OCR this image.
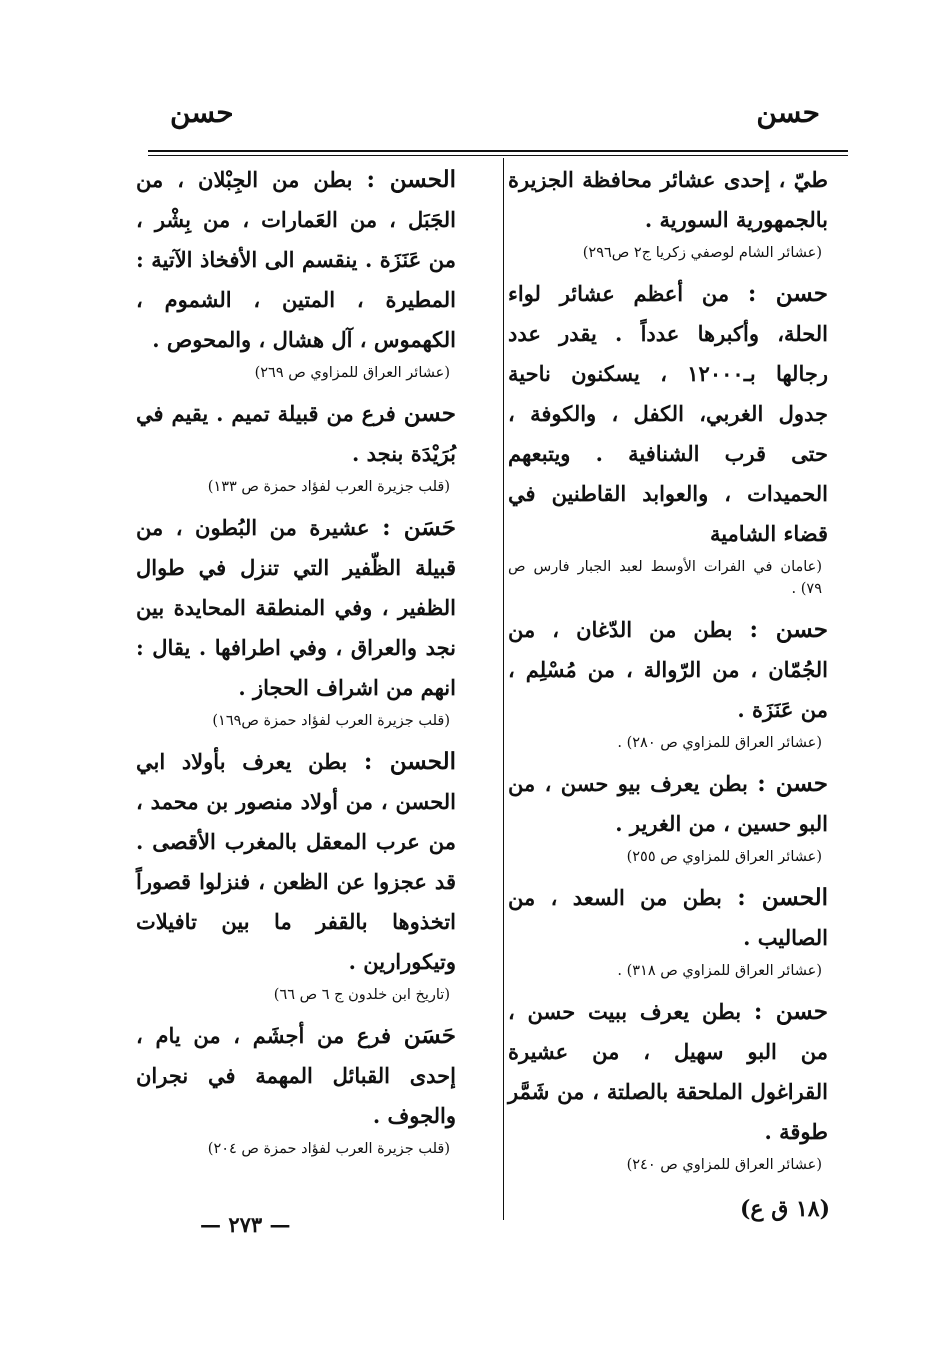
حسن
حسن
طيّ ، إحدى عشائر محافظة الجزيرة بالجمهورية السورية .
(عشائر الشام لوصفي زكريا ج٢ ص٢٩٦)
حسن : من أعظم عشائر لواء الحلة، وأكبرها عدداً . يقدر عدد رجالها بـ١٢٠٠٠ ، يسكنون ناحية جدول الغربي، الكفل ، والكوفة ، حتى قرب الشنافية . ويتبعهم الحميدات ، والعوابد القاطنين في قضاء الشامية
(عامان في الفرات الأوسط لعبد الجبار فارس ص ٧٩) .
حسن : بطن من الدّغان ، من الجُمّان ، من الرّوالة ، من مُسْلِم ، من عَنَزَة .
(عشائر العراق للمزاوي ص ٢٨٠) .
حسن : بطن يعرف بيو حسن ، من البو حسين ، من الغرير .
(عشائر العراق للمزاوي ص ٢٥٥)
الحسن : بطن من السعد ، من الصاليب .
(عشائر العراق للمزاوي ص ٣١٨) .
حسن : بطن يعرف ببيت حسن ، من البو سهيل ، من عشيرة القراغول الملحقة بالصلتة ، من شَمَّر طوقة .
(عشائر العراق للمزاوي ص ٢٤٠)
الحسن : بطن من الجِبْلان ، من الجَبَل ، من العَمارات ، من بِشْر ، من عَنَزَة . ينقسم الى الأفخاذ الآتية : المطيرة ، المتين ، الشموم ، الكهموس ، آل هشال ، والمحوص .
(عشائر العراق للمزاوي ص ٢٦٩)
حسن فرع من قبيلة تميم . يقيم في بُرَيْدَة بنجد .
(قلب جزيرة العرب لفؤاد حمزة ص ١٣٣)
حَسَن : عشيرة من البُطون ، من قبيلة الظّفير التي تنزل في طوال الظفير ، وفي المنطقة المحايدة بين نجد والعراق ، وفي اطرافها . يقال : انهم من اشراف الحجاز .
(قلب جزيرة العرب لفؤاد حمزة ص١٦٩)
الحسن : بطن يعرف بأولاد ابي الحسن ، من أولاد منصور بن محمد ، من عرب المعقل بالمغرب الأقصى . قد عجزوا عن الظعن ، فنزلوا قصوراً اتخذوها بالقفر ما بين تافيلات وتيكورارين .
(تاريخ ابن خلدون ج ٦ ص ٦٦)
حَسَن فرع من أجشَم ، من يام ، إحدى القبائل المهمة في نجران والجوف .
(قلب جزيرة العرب لفؤاد حمزة ص ٢٠٤)
— ٢٧٣ —
(١٨ ق ع)
